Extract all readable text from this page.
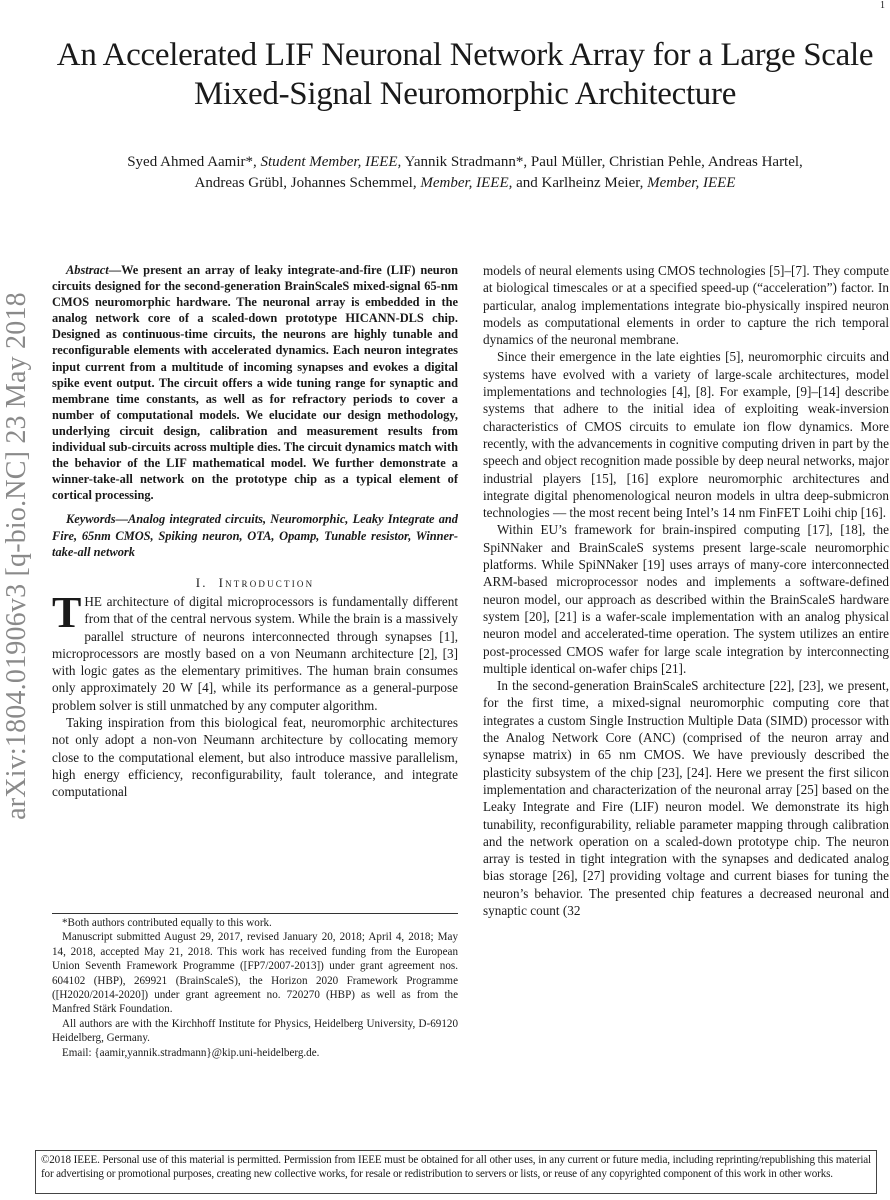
1
An Accelerated LIF Neuronal Network Array for a Large Scale Mixed-Signal Neuromorphic Architecture
Syed Ahmed Aamir*, Student Member, IEEE, Yannik Stradmann*, Paul Müller, Christian Pehle, Andreas Hartel,
Andreas Grübl, Johannes Schemmel, Member, IEEE, and Karlheinz Meier, Member, IEEE
arXiv:1804.01906v3 [q-bio.NC] 23 May 2018

Abstract—We present an array of leaky integrate-and-fire (LIF) neuron circuits designed for the second-generation BrainScaleS mixed-signal 65-nm CMOS neuromorphic hardware. The neuronal array is embedded in the analog network core of a scaled-down prototype HICANN-DLS chip. Designed as continuous-time circuits, the neurons are highly tunable and reconfigurable elements with accelerated dynamics. Each neuron integrates input current from a multitude of incoming synapses and evokes a digital spike event output. The circuit offers a wide tuning range for synaptic and membrane time constants, as well as for refractory periods to cover a number of computational models. We elucidate our design methodology, underlying circuit design, calibration and measurement results from individual sub-circuits across multiple dies. The circuit dynamics match with the behavior of the LIF mathematical model. We further demonstrate a winner-take-all network on the prototype chip as a typical element of cortical processing.

Keywords—Analog integrated circuits, Neuromorphic, Leaky Integrate and Fire, 65nm CMOS, Spiking neuron, OTA, Opamp, Tunable resistor, Winner-take-all network

I. Introduction

THE architecture of digital microprocessors is fundamentally different from that of the central nervous system. While the brain is a massively parallel structure of neurons interconnected through synapses [1], microprocessors are mostly based on a von Neumann architecture [2], [3] with logic gates as the elementary primitives. The human brain consumes only approximately 20 W [4], while its performance as a general-purpose problem solver is still unmatched by any computer algorithm.

Taking inspiration from this biological feat, neuromorphic architectures not only adopt a non-von Neumann architecture by collocating memory close to the computational element, but also introduce massive parallelism, high energy efficiency, reconfigurability, fault tolerance, and integrate computational

*Both authors contributed equally to this work.

Manuscript submitted August 29, 2017, revised January 20, 2018; April 4, 2018; May 14, 2018, accepted May 21, 2018. This work has received funding from the European Union Seventh Framework Programme ([FP7/2007-2013]) under grant agreement nos. 604102 (HBP), 269921 (BrainScaleS), the Horizon 2020 Framework Programme ([H2020/2014-2020]) under grant agreement no. 720270 (HBP) as well as from the Manfred Stärk Foundation.

All authors are with the Kirchhoff Institute for Physics, Heidelberg University, D-69120 Heidelberg, Germany.

Email: {aamir,yannik.stradmann}@kip.uni-heidelberg.de.

models of neural elements using CMOS technologies [5]–[7]. They compute at biological timescales or at a specified speed-up (“acceleration”) factor. In particular, analog implementations integrate bio-physically inspired neuron models as computational elements in order to capture the rich temporal dynamics of the neuronal membrane.

Since their emergence in the late eighties [5], neuromorphic circuits and systems have evolved with a variety of large-scale architectures, model implementations and technologies [4], [8]. For example, [9]–[14] describe systems that adhere to the initial idea of exploiting weak-inversion characteristics of CMOS circuits to emulate ion flow dynamics. More recently, with the advancements in cognitive computing driven in part by the speech and object recognition made possible by deep neural networks, major industrial players [15], [16] explore neuromorphic architectures and integrate digital phenomenological neuron models in ultra deep-submicron technologies — the most recent being Intel’s 14 nm FinFET Loihi chip [16].

Within EU’s framework for brain-inspired computing [17], [18], the SpiNNaker and BrainScaleS systems present large-scale neuromorphic platforms. While SpiNNaker [19] uses arrays of many-core interconnected ARM-based microprocessor nodes and implements a software-defined neuron model, our approach as described within the BrainScaleS hardware system [20], [21] is a wafer-scale implementation with an analog physical neuron model and accelerated-time operation. The system utilizes an entire post-processed CMOS wafer for large scale integration by interconnecting multiple identical on-wafer chips [21].

In the second-generation BrainScaleS architecture [22], [23], we present, for the first time, a mixed-signal neuromorphic computing core that integrates a custom Single Instruction Multiple Data (SIMD) processor with the Analog Network Core (ANC) (comprised of the neuron array and synapse matrix) in 65 nm CMOS. We have previously described the plasticity subsystem of the chip [23], [24]. Here we present the first silicon implementation and characterization of the neuronal array [25] based on the Leaky Integrate and Fire (LIF) neuron model. We demonstrate its high tunability, reconfigurability, reliable parameter mapping through calibration and the network operation on a scaled-down prototype chip. The neuron array is tested in tight integration with the synapses and dedicated analog bias storage [26], [27] providing voltage and current biases for tuning the neuron’s behavior. The presented chip features a decreased neuronal and synaptic count (32

©2018 IEEE. Personal use of this material is permitted. Permission from IEEE must be obtained for all other uses, in any current or future media, including reprinting/republishing this material for advertising or promotional purposes, creating new collective works, for resale or redistribution to servers or lists, or reuse of any copyrighted component of this work in other works.
